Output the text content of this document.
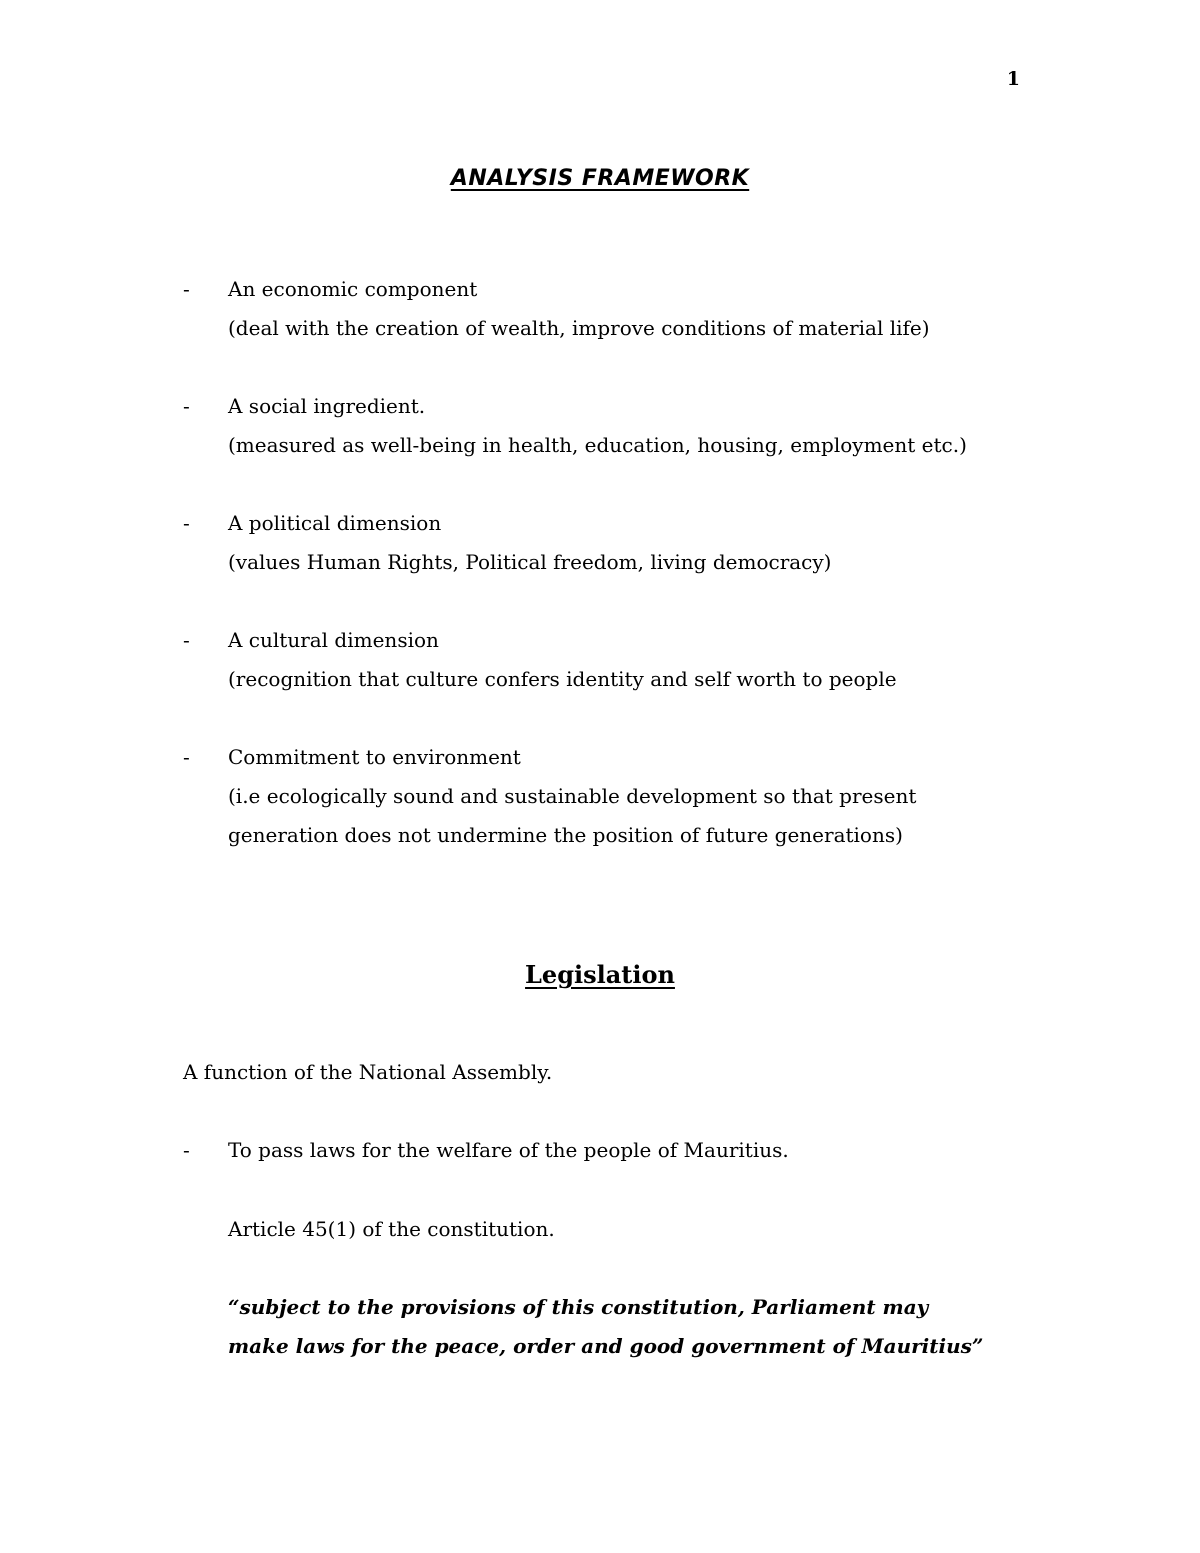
1
ANALYSIS FRAMEWORK
- An economic component
(deal with the creation of wealth, improve conditions of material life)
- A social ingredient.
(measured as well-being in health, education, housing, employment etc.)
- A political dimension
(values Human Rights, Political freedom, living democracy)
- A cultural dimension
(recognition that culture confers identity and self worth to people
- Commitment to environment
(i.e ecologically sound and sustainable development so that present
generation does not undermine the position of future generations)
Legislation
A function of the National Assembly.
- To pass laws for the welfare of the people of Mauritius.
Article 45(1) of the constitution.
“subject to the provisions of this constitution, Parliament may
make laws for the peace, order and good government of Mauritius”
